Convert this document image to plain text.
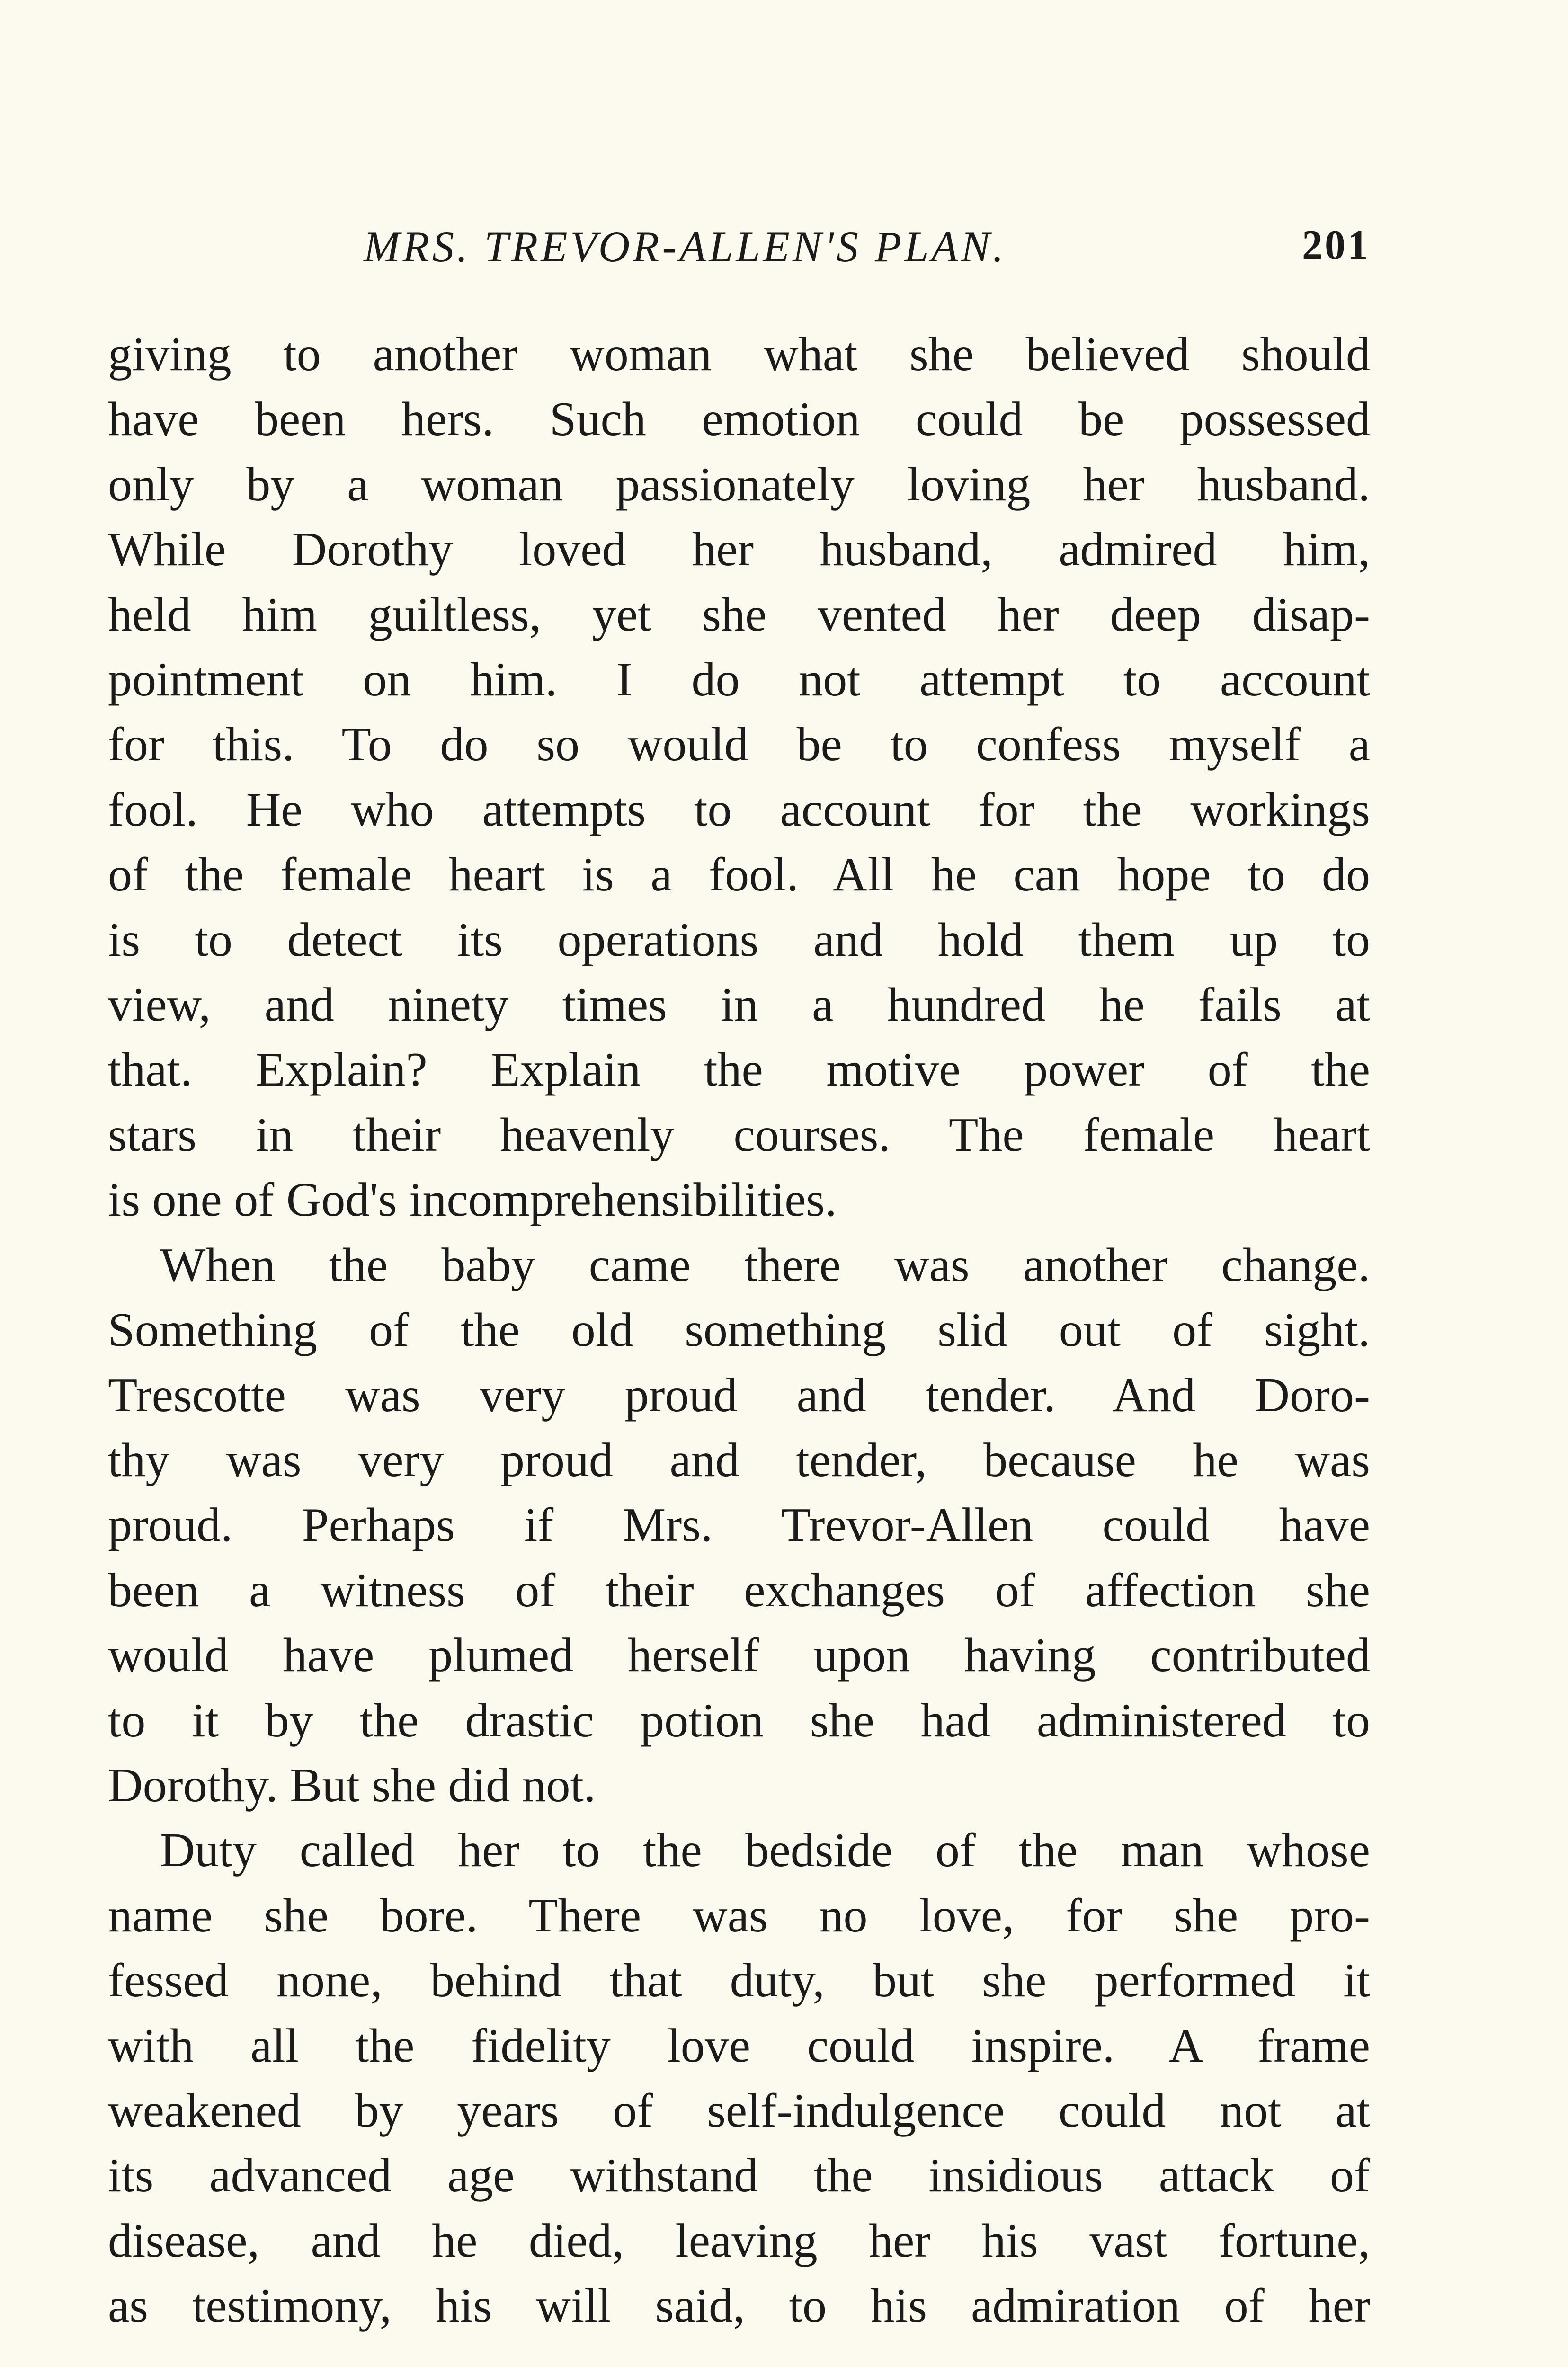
MRS. TREVOR-ALLEN'S PLAN.	201

giving to another woman what she believed should

have been hers. Such emotion could be possessed

only by a woman passionately loving her husband.

While Dorothy loved her husband, admired him,

held him guiltless, yet she vented her deep disap-

pointment on him. I do not attempt to account

for this. To do so would be to confess myself a

fool. He who attempts to account for the workings

of the female heart is a fool. All he can hope to do

is to detect its operations and hold them up to

view, and ninety times in a hundred he fails at

that. Explain? Explain the motive power of the

stars in their heavenly courses. The female heart

is one of God's incomprehensibilities.

When the baby came there was another change.

Something of the old something slid out of sight.

Trescotte was very proud and tender. And Doro-

thy was very proud and tender, because he was

proud. Perhaps if Mrs. Trevor-Allen could have

been a witness of their exchanges of affection she

would have plumed herself upon having contributed

to it by the drastic potion she had administered to

Dorothy. But she did not.

Duty called her to the bedside of the man whose

name she bore. There was no love, for she pro-

fessed none, behind that duty, but she performed it

with all the fidelity love could inspire. A frame

weakened by years of self-indulgence could not at

its advanced age withstand the insidious attack of

disease, and he died, leaving her his vast fortune,

as testimony, his will said, to his admiration of her
